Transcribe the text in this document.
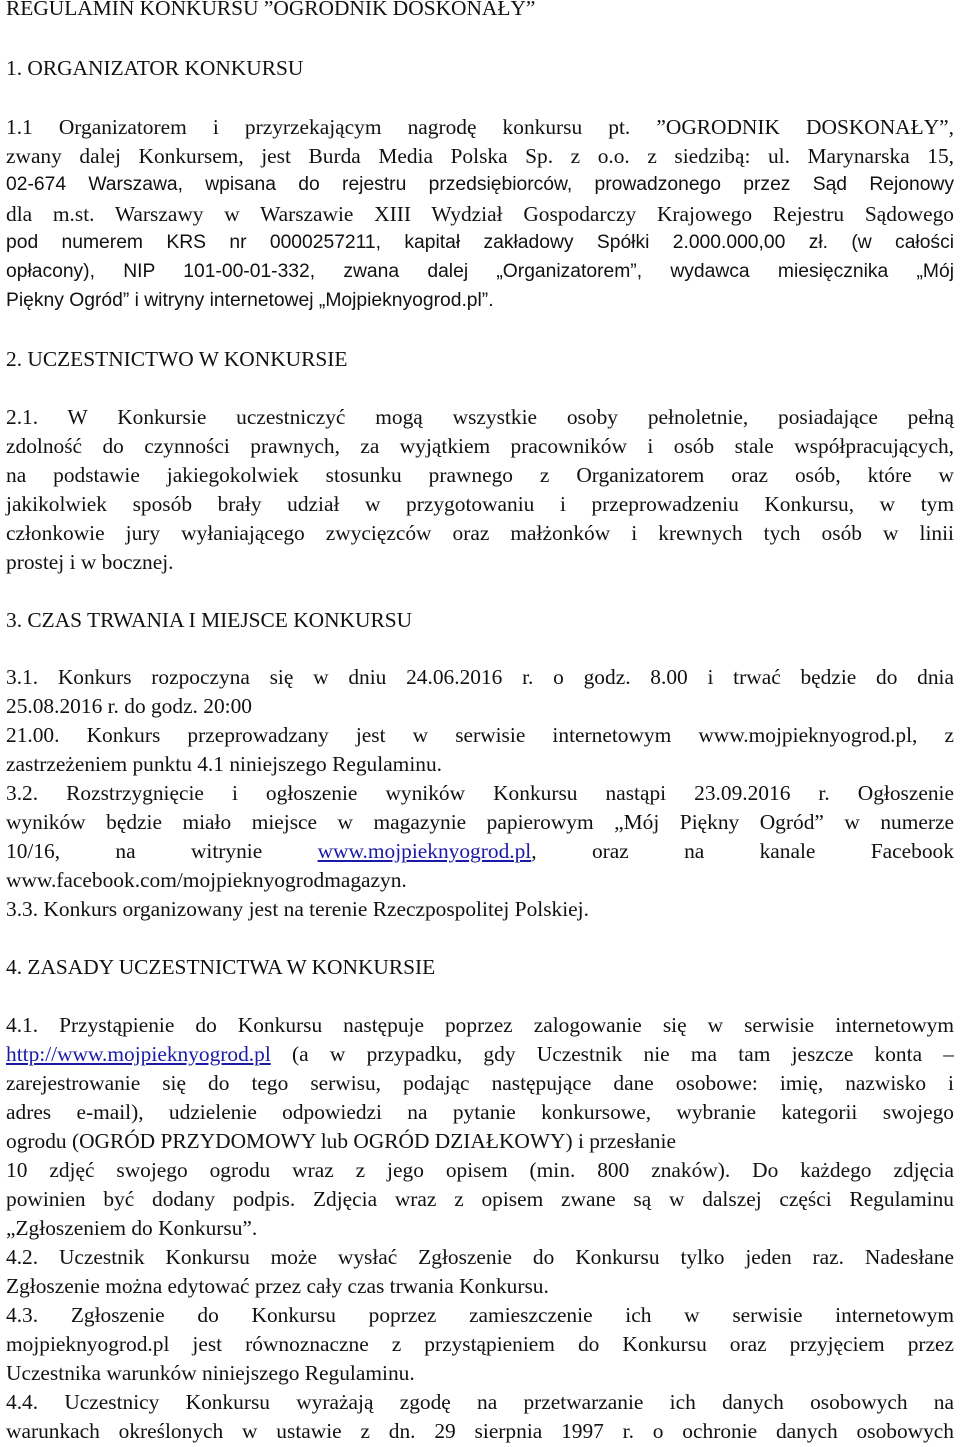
REGULAMIN KONKURSU ”OGRODNIK DOSKONAŁY”
1. ORGANIZATOR KONKURSU
1.1 Organizatorem i przyrzekającym nagrodę konkursu pt. ”OGRODNIK DOSKONAŁY”,
zwany dalej Konkursem, jest Burda Media Polska Sp. z o.o. z siedzibą: ul. Marynarska 15,
02-674 Warszawa, wpisana do rejestru przedsiębiorców, prowadzonego przez Sąd Rejonowy
dla m.st. Warszawy w Warszawie XIII Wydział Gospodarczy Krajowego Rejestru Sądowego
pod numerem KRS nr 0000257211, kapitał zakładowy Spółki 2.000.000,00 zł. (w całości
opłacony), NIP 101-00-01-332, zwana dalej „Organizatorem”, wydawca miesięcznika „Mój
Piękny Ogród” i witryny internetowej „Mojpieknyogrod.pl”.
2. UCZESTNICTWO W KONKURSIE
2.1. W Konkursie uczestniczyć mogą wszystkie osoby pełnoletnie, posiadające pełną
zdolność do czynności prawnych, za wyjątkiem pracowników i osób stale współpracujących,
na podstawie jakiegokolwiek stosunku prawnego z Organizatorem oraz osób, które w
jakikolwiek sposób brały udział w przygotowaniu i przeprowadzeniu Konkursu, w tym
członkowie jury wyłaniającego zwycięzców oraz małżonków i krewnych tych osób w linii
prostej i w bocznej.
3. CZAS TRWANIA I MIEJSCE KONKURSU
3.1. Konkurs rozpoczyna się w dniu 24.06.2016 r. o godz. 8.00 i trwać będzie do dnia
25.08.2016 r. do godz. 20:00
21.00. Konkurs przeprowadzany jest w serwisie internetowym www.mojpieknyogrod.pl, z
zastrzeżeniem punktu 4.1 niniejszego Regulaminu.
3.2. Rozstrzygnięcie i ogłoszenie wyników Konkursu nastąpi 23.09.2016 r. Ogłoszenie
wyników będzie miało miejsce w magazynie papierowym „Mój Piękny Ogród” w numerze
10/16,	na	witrynie	www.mojpieknyogrod.pl,	oraz	na	kanale	Facebook
www.facebook.com/mojpieknyogrodmagazyn.
3.3. Konkurs organizowany jest na terenie Rzeczpospolitej Polskiej.
4. ZASADY UCZESTNICTWA W KONKURSIE
4.1. Przystąpienie do Konkursu następuje poprzez zalogowanie się w serwisie internetowym
http://www.mojpieknyogrod.pl (a w przypadku, gdy Uczestnik nie ma tam jeszcze konta –
zarejestrowanie się do tego serwisu, podając następujące dane osobowe: imię, nazwisko i
adres e-mail), udzielenie odpowiedzi na pytanie konkursowe, wybranie kategorii swojego
ogrodu (OGRÓD PRZYDOMOWY lub OGRÓD DZIAŁKOWY) i przesłanie
10 zdjęć swojego ogrodu wraz z jego opisem (min. 800 znaków). Do każdego zdjęcia
powinien być dodany podpis. Zdjęcia wraz z opisem zwane są w dalszej części Regulaminu
„Zgłoszeniem do Konkursu”.
4.2. Uczestnik Konkursu może wysłać Zgłoszenie do Konkursu tylko jeden raz. Nadesłane
Zgłoszenie można edytować przez cały czas trwania Konkursu.
4.3. Zgłoszenie do Konkursu poprzez zamieszczenie ich w serwisie internetowym
mojpieknyogrod.pl jest równoznaczne z przystąpieniem do Konkursu oraz przyjęciem przez
Uczestnika warunków niniejszego Regulaminu.
4.4. Uczestnicy Konkursu wyrażają zgodę na przetwarzanie ich danych osobowych na
warunkach określonych w ustawie z dn. 29 sierpnia 1997 r. o ochronie danych osobowych
